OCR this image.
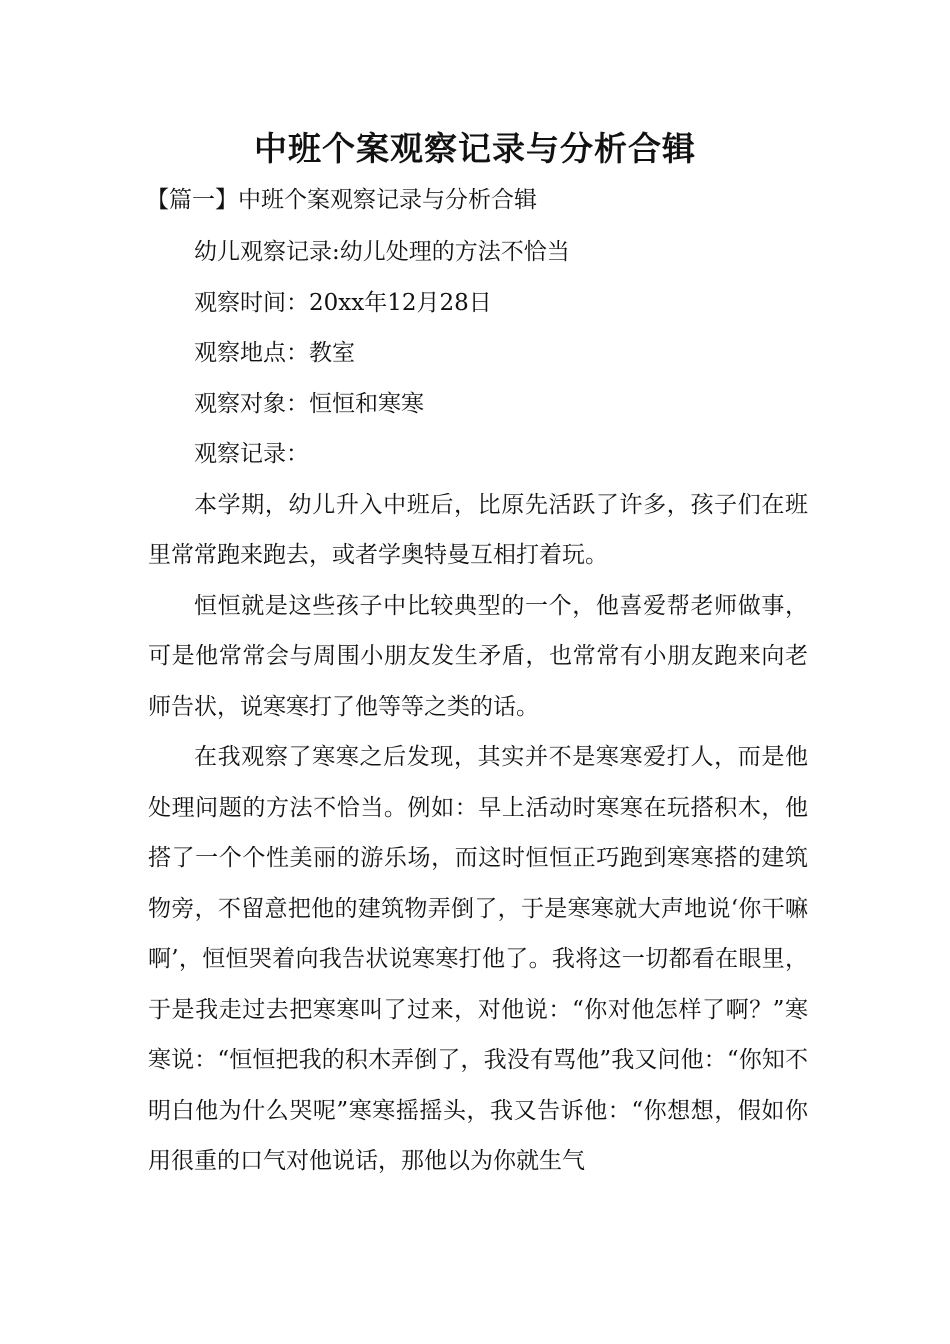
中班个案观察记录与分析合辑
【篇一】中班个案观察记录与分析合辑

幼儿观察记录:幼儿处理的方法不恰当

观察时间：20xx年12月28日

观察地点：教室

观察对象：恒恒和寒寒

观察记录：

本学期，幼儿升入中班后，比原先活跃了许多，孩子们在班里常常跑来跑去，或者学奥特曼互相打着玩。

恒恒就是这些孩子中比较典型的一个，他喜爱帮老师做事，可是他常常会与周围小朋友发生矛盾，也常常有小朋友跑来向老师告状，说寒寒打了他等等之类的话。

在我观察了寒寒之后发现，其实并不是寒寒爱打人，而是他处理问题的方法不恰当。例如：早上活动时寒寒在玩搭积木，他搭了一个个性美丽的游乐场，而这时恒恒正巧跑到寒寒搭的建筑物旁，不留意把他的建筑物弄倒了，于是寒寒就大声地说‘你干嘛啊’，恒恒哭着向我告状说寒寒打他了。我将这一切都看在眼里，于是我走过去把寒寒叫了过来，对他说：“你对他怎样了啊？”寒寒说：“恒恒把我的积木弄倒了，我没有骂他”我又问他：“你知不明白他为什么哭呢”寒寒摇摇头，我又告诉他：“你想想，假如你用很重的口气对他说话，那他以为你就生气
